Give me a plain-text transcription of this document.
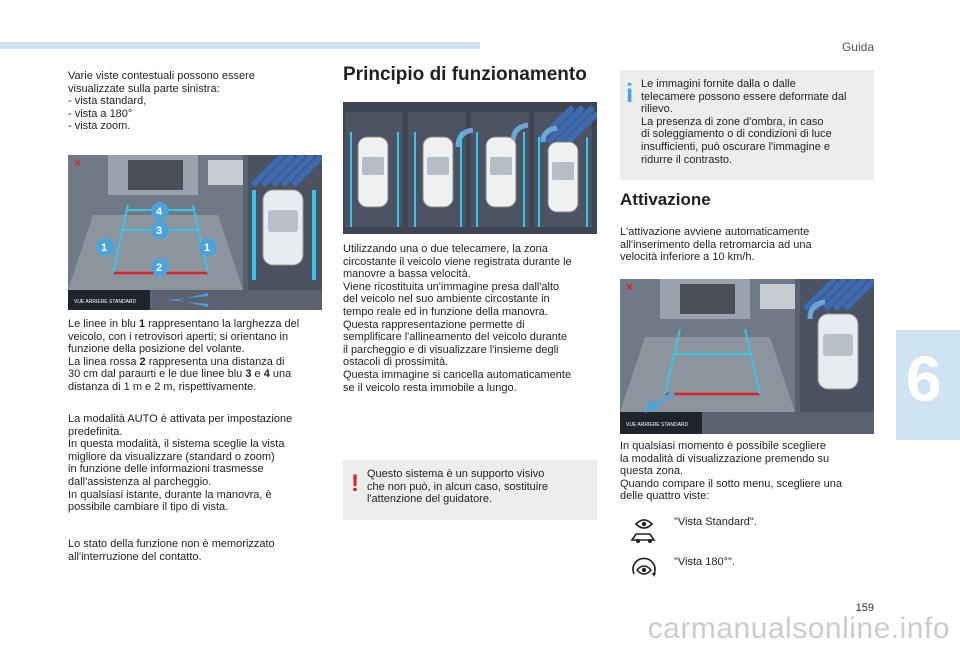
Guida
6
Varie viste contestuali possono essere
visualizzate sulla parte sinistra:
- vista standard,
- vista a 180°
- vista zoom.
VUE ARRIERE STANDARD
×
1	1
2
3
4
Le linee in blu 1 rappresentano la larghezza del
veicolo, con i retrovisori aperti; si orientano in
funzione della posizione del volante.
La linea rossa 2 rappresenta una distanza di
30 cm dal paraurti e le due linee blu 3 e 4 una
distanza di 1 m e 2 m, rispettivamente.
La modalità AUTO è attivata per impostazione
predefinita.
In questa modalità, il sistema sceglie la vista
migliore da visualizzare (standard o zoom)
in funzione delle informazioni trasmesse
dall'assistenza al parcheggio.
In qualsiasi istante, durante la manovra, è
possibile cambiare il tipo di vista.
Lo stato della funzione non è memorizzato
all'interruzione del contatto.
Principio di funzionamento
Utilizzando una o due telecamere, la zona
circostante il veicolo viene registrata durante le
manovre a bassa velocità.
Viene ricostituita un'immagine presa dall'alto
del veicolo nel suo ambiente circostante in
tempo reale ed in funzione della manovra.
Questa rappresentazione permette di
semplificare l'allineamento del veicolo durante
il parcheggio e di visualizzare l'insieme degli
ostacoli di prossimità.
Questa immagine si cancella automaticamente
se il veicolo resta immobile a lungo.
! Questo sistema è un supporto visivo
che non può, in alcun caso, sostituire
l'attenzione del guidatore.
i Le immagini fornite dalla o dalle
telecamere possono essere deformate dal
rilievo.
La presenza di zone d'ombra, in caso
di soleggiamento o di condizioni di luce
insufficienti, può oscurare l'immagine e
ridurre il contrasto.
Attivazione
L'attivazione avviene automaticamente
all'inserimento della retromarcia ad una
velocità inferiore a 10 km/h.
VUE ARRIERE STANDARD
×
In qualsiasi momento è possibile scegliere
la modalità di visualizzazione premendo su
questa zona.
Quando compare il sotto menu, scegliere una
delle quattro viste:
"Vista Standard".
"Vista 180°".
159
carmanualsonline.info
